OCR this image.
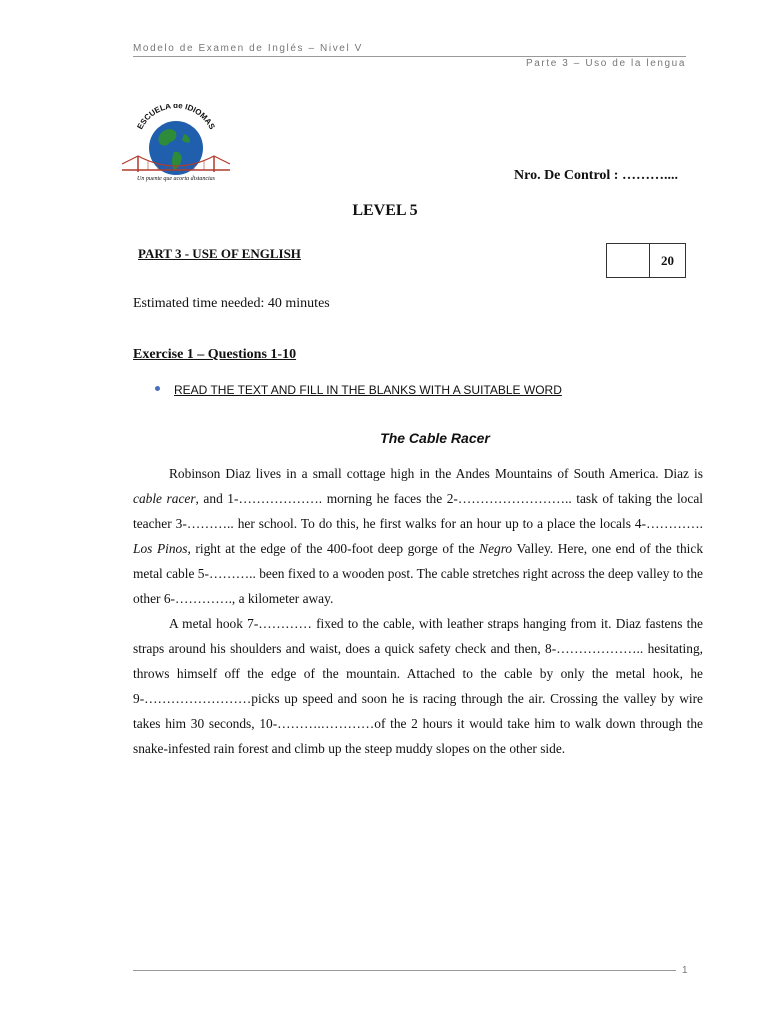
Modelo de Examen de Inglés – Nivel V
Parte 3 – Uso de la lengua
ESCUELA de IDIOMAS
Un puente que acorta distancias	Nro. De Control : ………....
LEVEL 5
PART 3 - USE OF ENGLISH	20
Estimated time needed: 40 minutes
Exercise 1 – Questions 1-10
READ THE TEXT AND FILL IN THE BLANKS WITH A SUITABLE WORD
The Cable Racer

Robinson Diaz lives in a small cottage high in the Andes Mountains of South America. Diaz is cable racer, and 1-………………. morning he faces the 2-…………………….. task of taking the local teacher 3-……….. her school. To do this, he first walks for an hour up to a place the locals 4-…………. Los Pinos, right at the edge of the 400-foot deep gorge of the Negro Valley. Here, one end of the thick metal cable 5-……….. been fixed to a wooden post. The cable stretches right across the deep valley to the other 6-…………., a kilometer away.

A metal hook 7-………… fixed to the cable, with leather straps hanging from it. Diaz fastens the straps around his shoulders and waist, does a quick safety check and then, 8-……………….. hesitating, throws himself off the edge of the mountain. Attached to the cable by only the metal hook, he 9-……………………picks up speed and soon he is racing through the air. Crossing the valley by wire takes him 30 seconds, 10-……….…………of the 2 hours it would take him to walk down through the snake-infested rain forest and climb up the steep muddy slopes on the other side.

1
